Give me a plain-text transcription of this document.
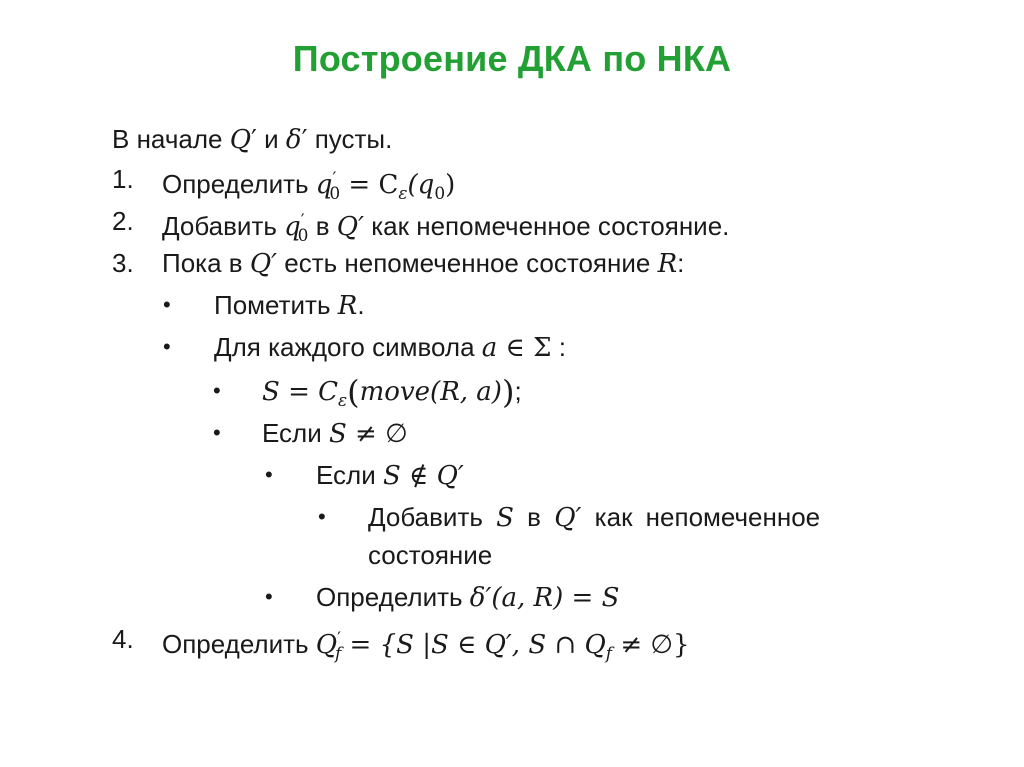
Построение ДКА по НКА
В начале Q′ и δ′ пусты.
1. Определить $q'_0 = C_\varepsilon(q_0)$
2. Добавить $q'_0$ в Q′ как непомеченное состояние.
3. Пока в Q′ есть непомеченное состояние R:
• Пометить R.
• Для каждого символа a ∈ Σ :
• $S = C_\varepsilon(move(R$, a));
• Если S ≠ ∅
• Если S ∉ Q′
• Добавить S в Q′ как непомеченное
состояние
• Определить δ′(a, R) = S
4. Определить $Q'_f = \{S$ |S ∈ Q′, S ∩ $Q_f$ ≠ ∅}
